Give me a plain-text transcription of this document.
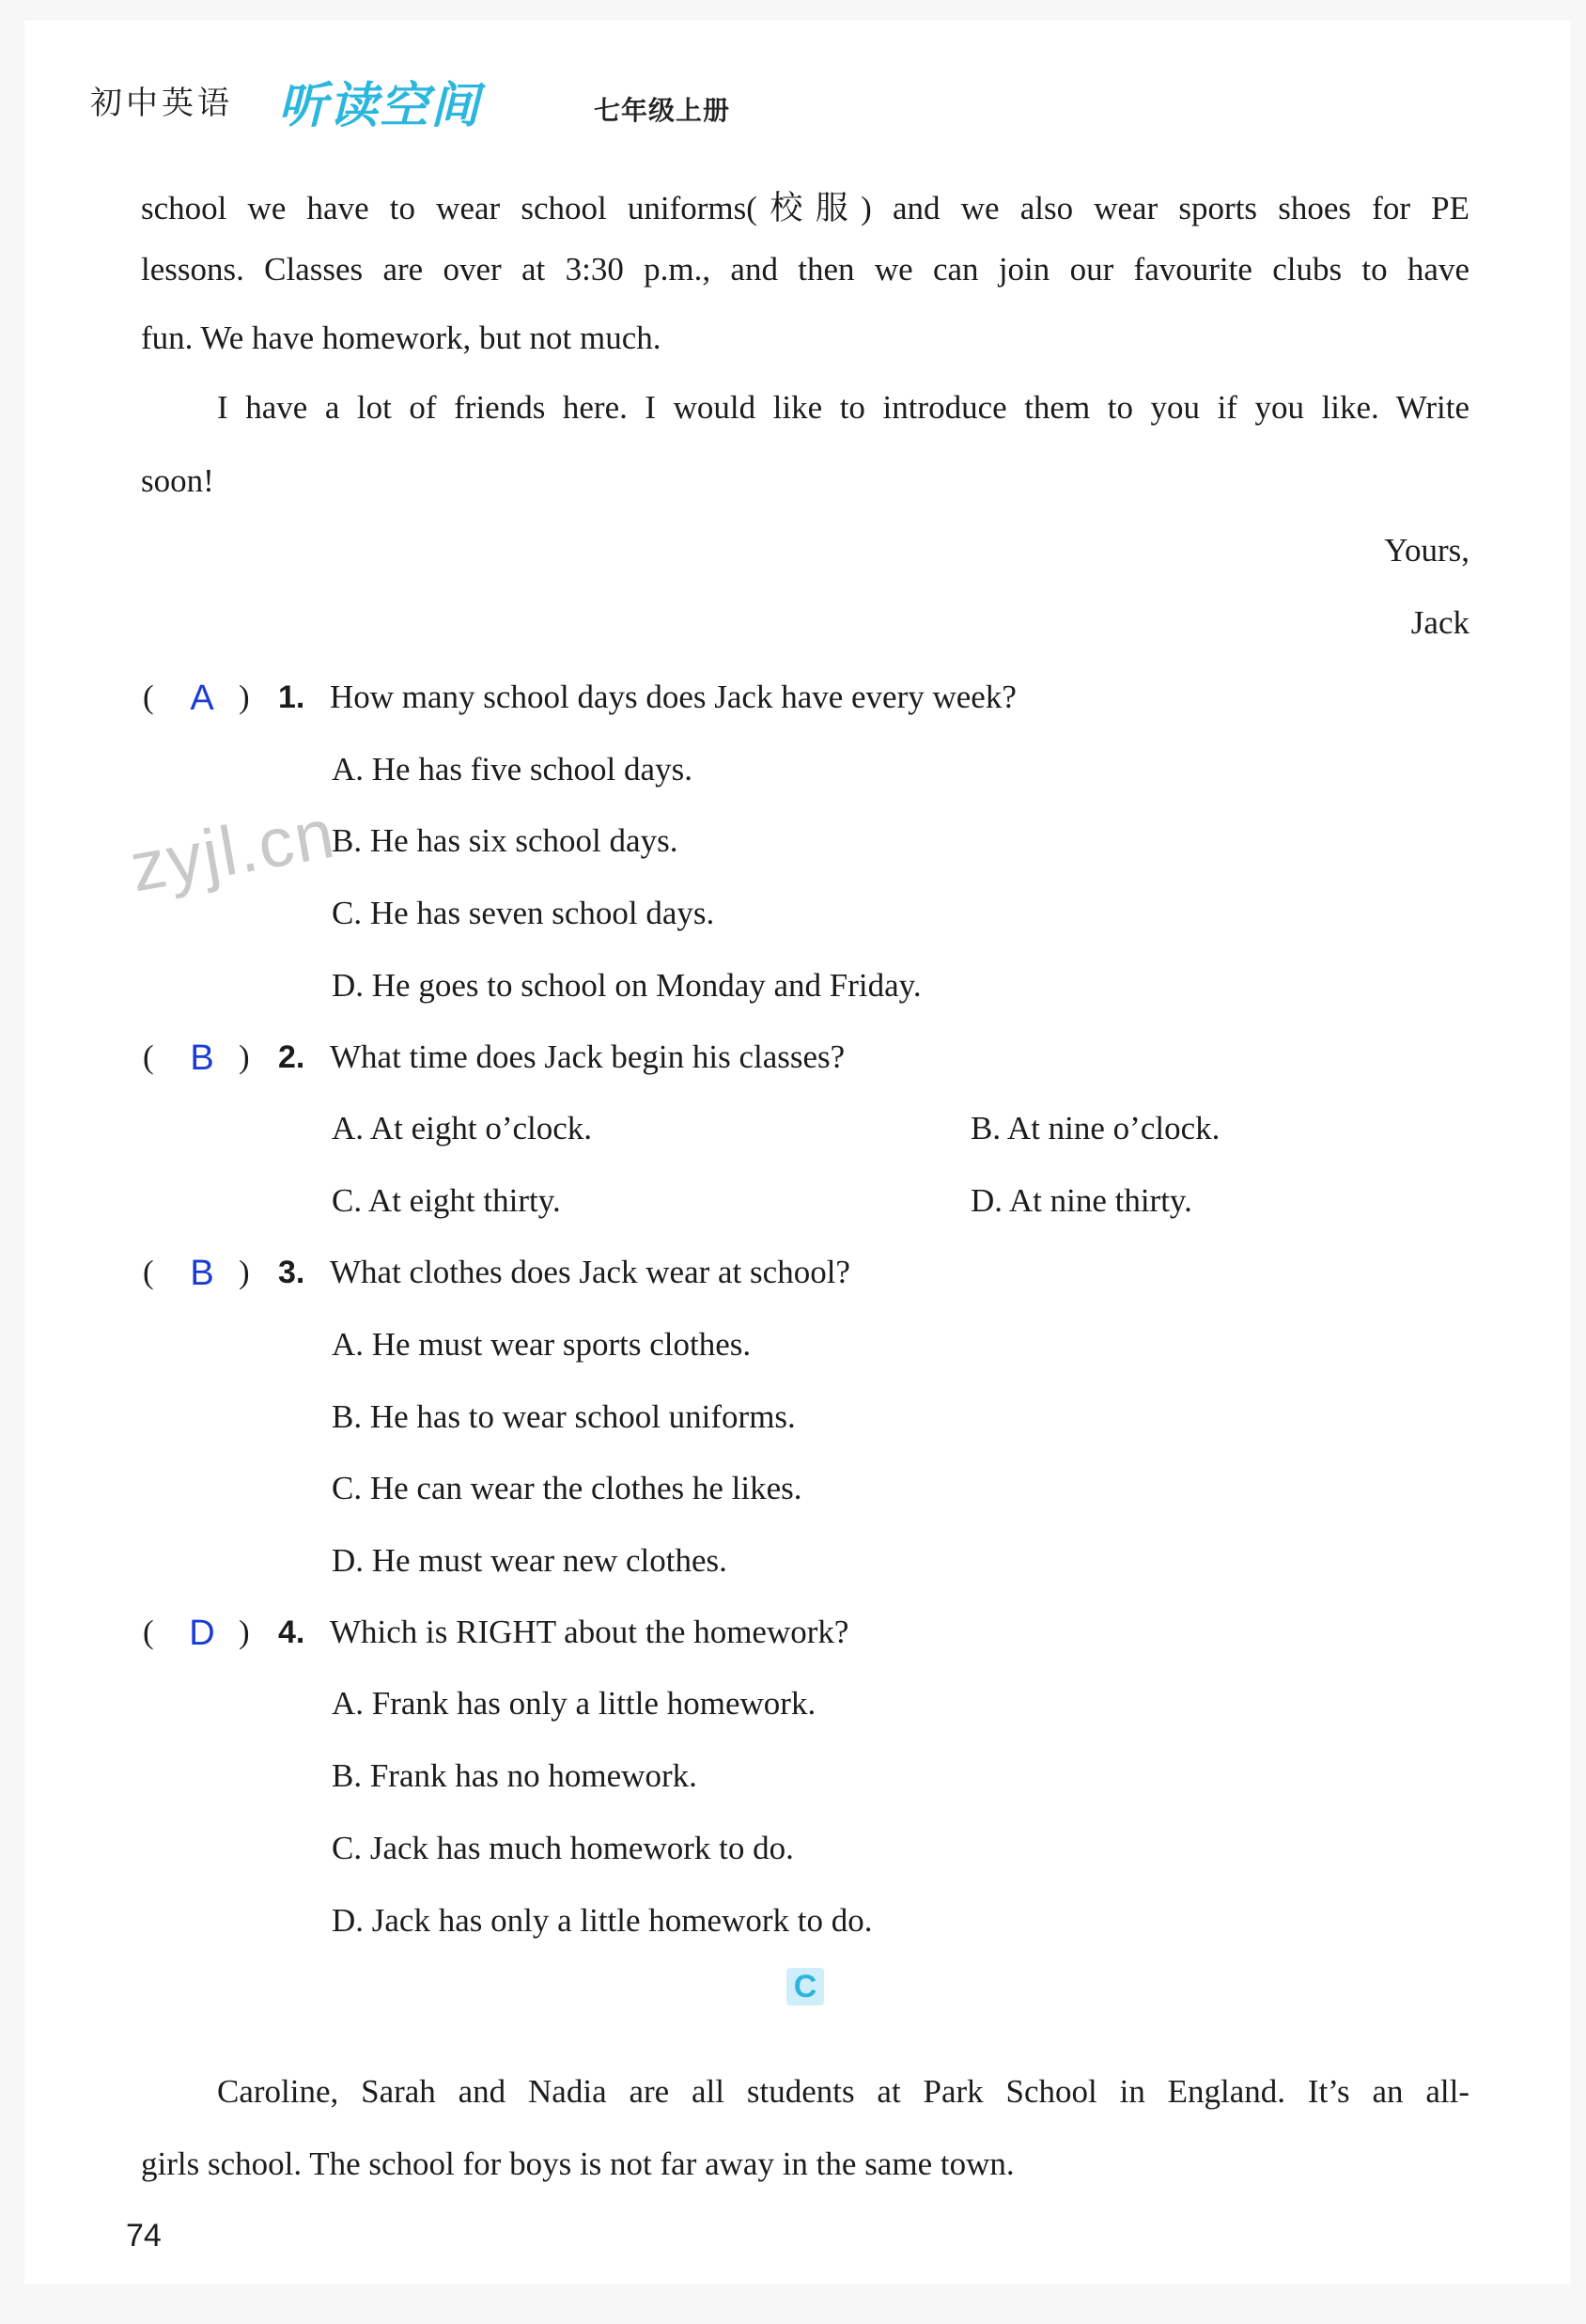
初中英语 听读空间	七年级上册
school we have to wear school uniforms(校服) and we also wear sports shoes for PE
lessons. Classes are over at 3:30 p.m., and then we can join our favourite clubs to have
fun. We have homework, but not much.
I have a lot of friends here. I would like to introduce them to you if you like. Write
soon!
Yours,
Jack
( A ) 1. How many school days does Jack have every week?
A. He has five school days.
B. He has six school days.
C. He has seven school days.
D. He goes to school on Monday and Friday.
( B ) 2. What time does Jack begin his classes?
A. At eight o’clock.	B. At nine o’clock.
C. At eight thirty.	D. At nine thirty.
( B ) 3. What clothes does Jack wear at school?
A. He must wear sports clothes.
B. He has to wear school uniforms.
C. He can wear the clothes he likes.
D. He must wear new clothes.
( D ) 4. Which is RIGHT about the homework?
A. Frank has only a little homework.
B. Frank has no homework.
C. Jack has much homework to do.
D. Jack has only a little homework to do.
C
Caroline, Sarah and Nadia are all students at Park School in England. It’s an all-
girls school. The school for boys is not far away in the same town.
zyjl.cn
74
